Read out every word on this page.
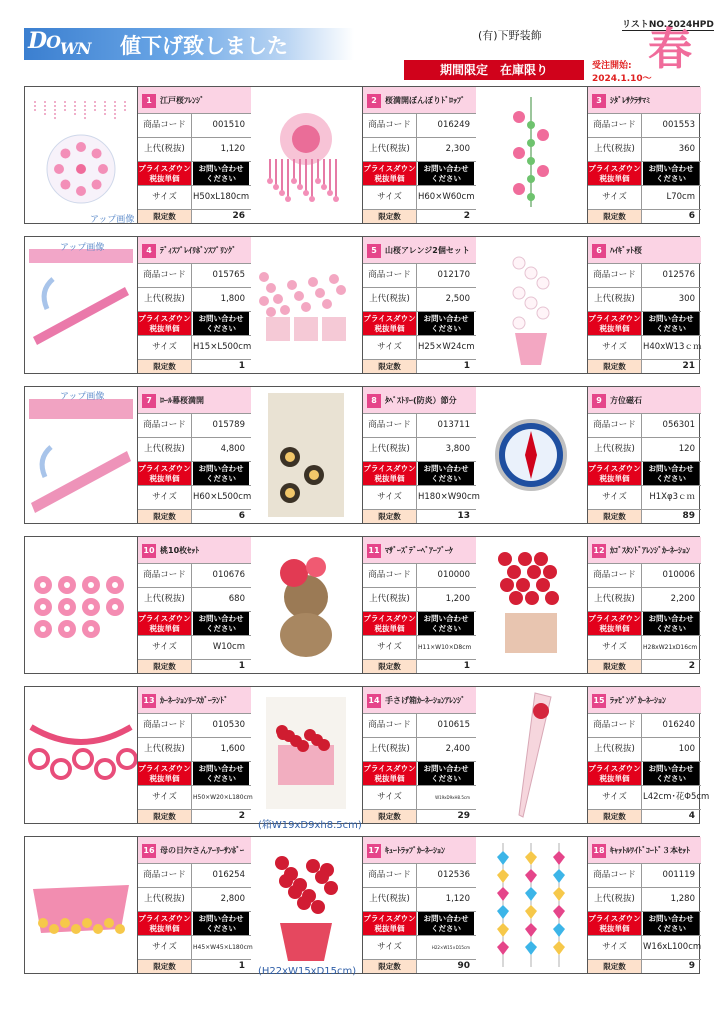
$DO_{WN}$ 値下げ致しました	(有)下野装飾
リストNO.2024HPD
期間限定　在庫限り	受注開始:
2024.1.10～
春
1	江戸桜ﾌﾚﾝｼﾞ
商品コード	001510
上代(税抜)	1,120
プライスダウン
税抜単価
お問い合わせ
ください
サイズ	H50xL180cm
限定数	26
2	桜満開ぼんぼりﾄﾞﾛｯﾌﾟ
商品コード	016249
上代(税抜)	2,300
プライスダウン
税抜単価
お問い合わせ
ください
サイズ	H60×W60cm
限定数	2
3	ｼﾀﾞﾚｻｸﾗｻﾏﾐ
商品コード	001553
上代(税抜)	360
プライスダウン
税抜単価
お問い合わせ
ください
サイズ	L70cm
限定数	6
4	ﾃﾞｨｽﾌﾟﾚｲﾘﾎﾞﾝｽﾌﾟﾘﾝｸﾞ
商品コード	015765
上代(税抜)	1,800
プライスダウン
税抜単価
お問い合わせ
ください
サイズ	H15×L500cm
限定数	1
5	山桜アレンジ2個セット
商品コード	012170
上代(税抜)	2,500
プライスダウン
税抜単価
お問い合わせ
ください
サイズ	H25×W24cm
限定数	1
6	ﾊｲｷﾞｯﾄ桜
商品コード	012576
上代(税抜)	300
プライスダウン
税抜単価
お問い合わせ
ください
サイズ	H40xW13ｃｍ
限定数	21
7	ﾛｰﾙ幕桜満開
商品コード	015789
上代(税抜)	4,800
プライスダウン
税抜単価
お問い合わせ
ください
サイズ	H60×L500cm
限定数	6
8	ﾀﾍﾟｽﾄﾘｰ(防炎）節分
商品コード	013711
上代(税抜)	3,800
プライスダウン
税抜単価
お問い合わせ
ください
サイズ	H180×W90cm
限定数	13
9	方位磁石
商品コード	056301
上代(税抜)	120
プライスダウン
税抜単価
お問い合わせ
ください
サイズ	H1Xφ3ｃｍ
限定数	89
10 桃10枚ｾｯﾄ
商品コード	010676
上代(税抜)	680
プライスダウン
税抜単価
お問い合わせ
ください
サイズ	W10cm
限定数	1
11 ﾏｻﾞｰｽﾞﾃﾞｰﾍﾞｱｰﾌﾞｰｹ
商品コード	010000
上代(税抜)	1,200
プライスダウン
税抜単価
お問い合わせ
ください
サイズ	H11×W10×D8cm
限定数	1
12 ｶｺﾞｽﾀﾝﾄﾞｱﾚﾝｼﾞｶｰﾈｰｼｮﾝ
商品コード	010006
上代(税抜)	2,200
プライスダウン
税抜単価
お問い合わせ
ください
サイズ	H28xW21xD16cm
限定数	2
13 ｶｰﾈｰｼｮﾝﾘｰｽｶﾞｰﾗﾝﾄﾞ
商品コード	010530
上代(税抜)	1,600
プライスダウン
税抜単価
お問い合わせ
ください
サイズ	H50×W20×L180cm
限定数	2
14 手さげ箱ｶｰﾈｰｼｮﾝｱﾚﾝｼﾞ
商品コード	010615
上代(税抜)	2,400
プライスダウン
税抜単価
お問い合わせ
ください
サイズ	W19xD9xH8.5cm
限定数	29
15 ﾗｯﾋﾟﾝｸﾞｶｰﾈｰｼｮﾝ
商品コード	016240
上代(税抜)	100
プライスダウン
税抜単価
お問い合わせ
ください
サイズ	L42cm･花Φ5cm
限定数	4
16 母の日ｸﾏさんｱｰﾘｰｻﾝﾎﾞｰ
商品コード	016254
上代(税抜)	2,800
プライスダウン
税抜単価
お問い合わせ
ください
サイズ	H45×W45×L180cm
限定数	1
17 ｷｭｰﾄﾗｯﾌﾟｶｰﾈｰｼｮﾝ
商品コード	012536
上代(税抜)	1,120
プライスダウン
税抜単価
お問い合わせ
ください
サイズ	H22×W15×D15cm
限定数	90
18 ｷｬｯﾄﾙﾜｲﾄﾞｺｰﾄﾞ３本ｾｯﾄ
商品コード	001119
上代(税抜)	1,280
プライスダウン
税抜単価
お問い合わせ
ください
サイズ	W16xL100cm
限定数	9
アップ画像
アップ画像
アップ画像
(箱W19xD9xh8.5cm)
(H22xW15xD15cm)
